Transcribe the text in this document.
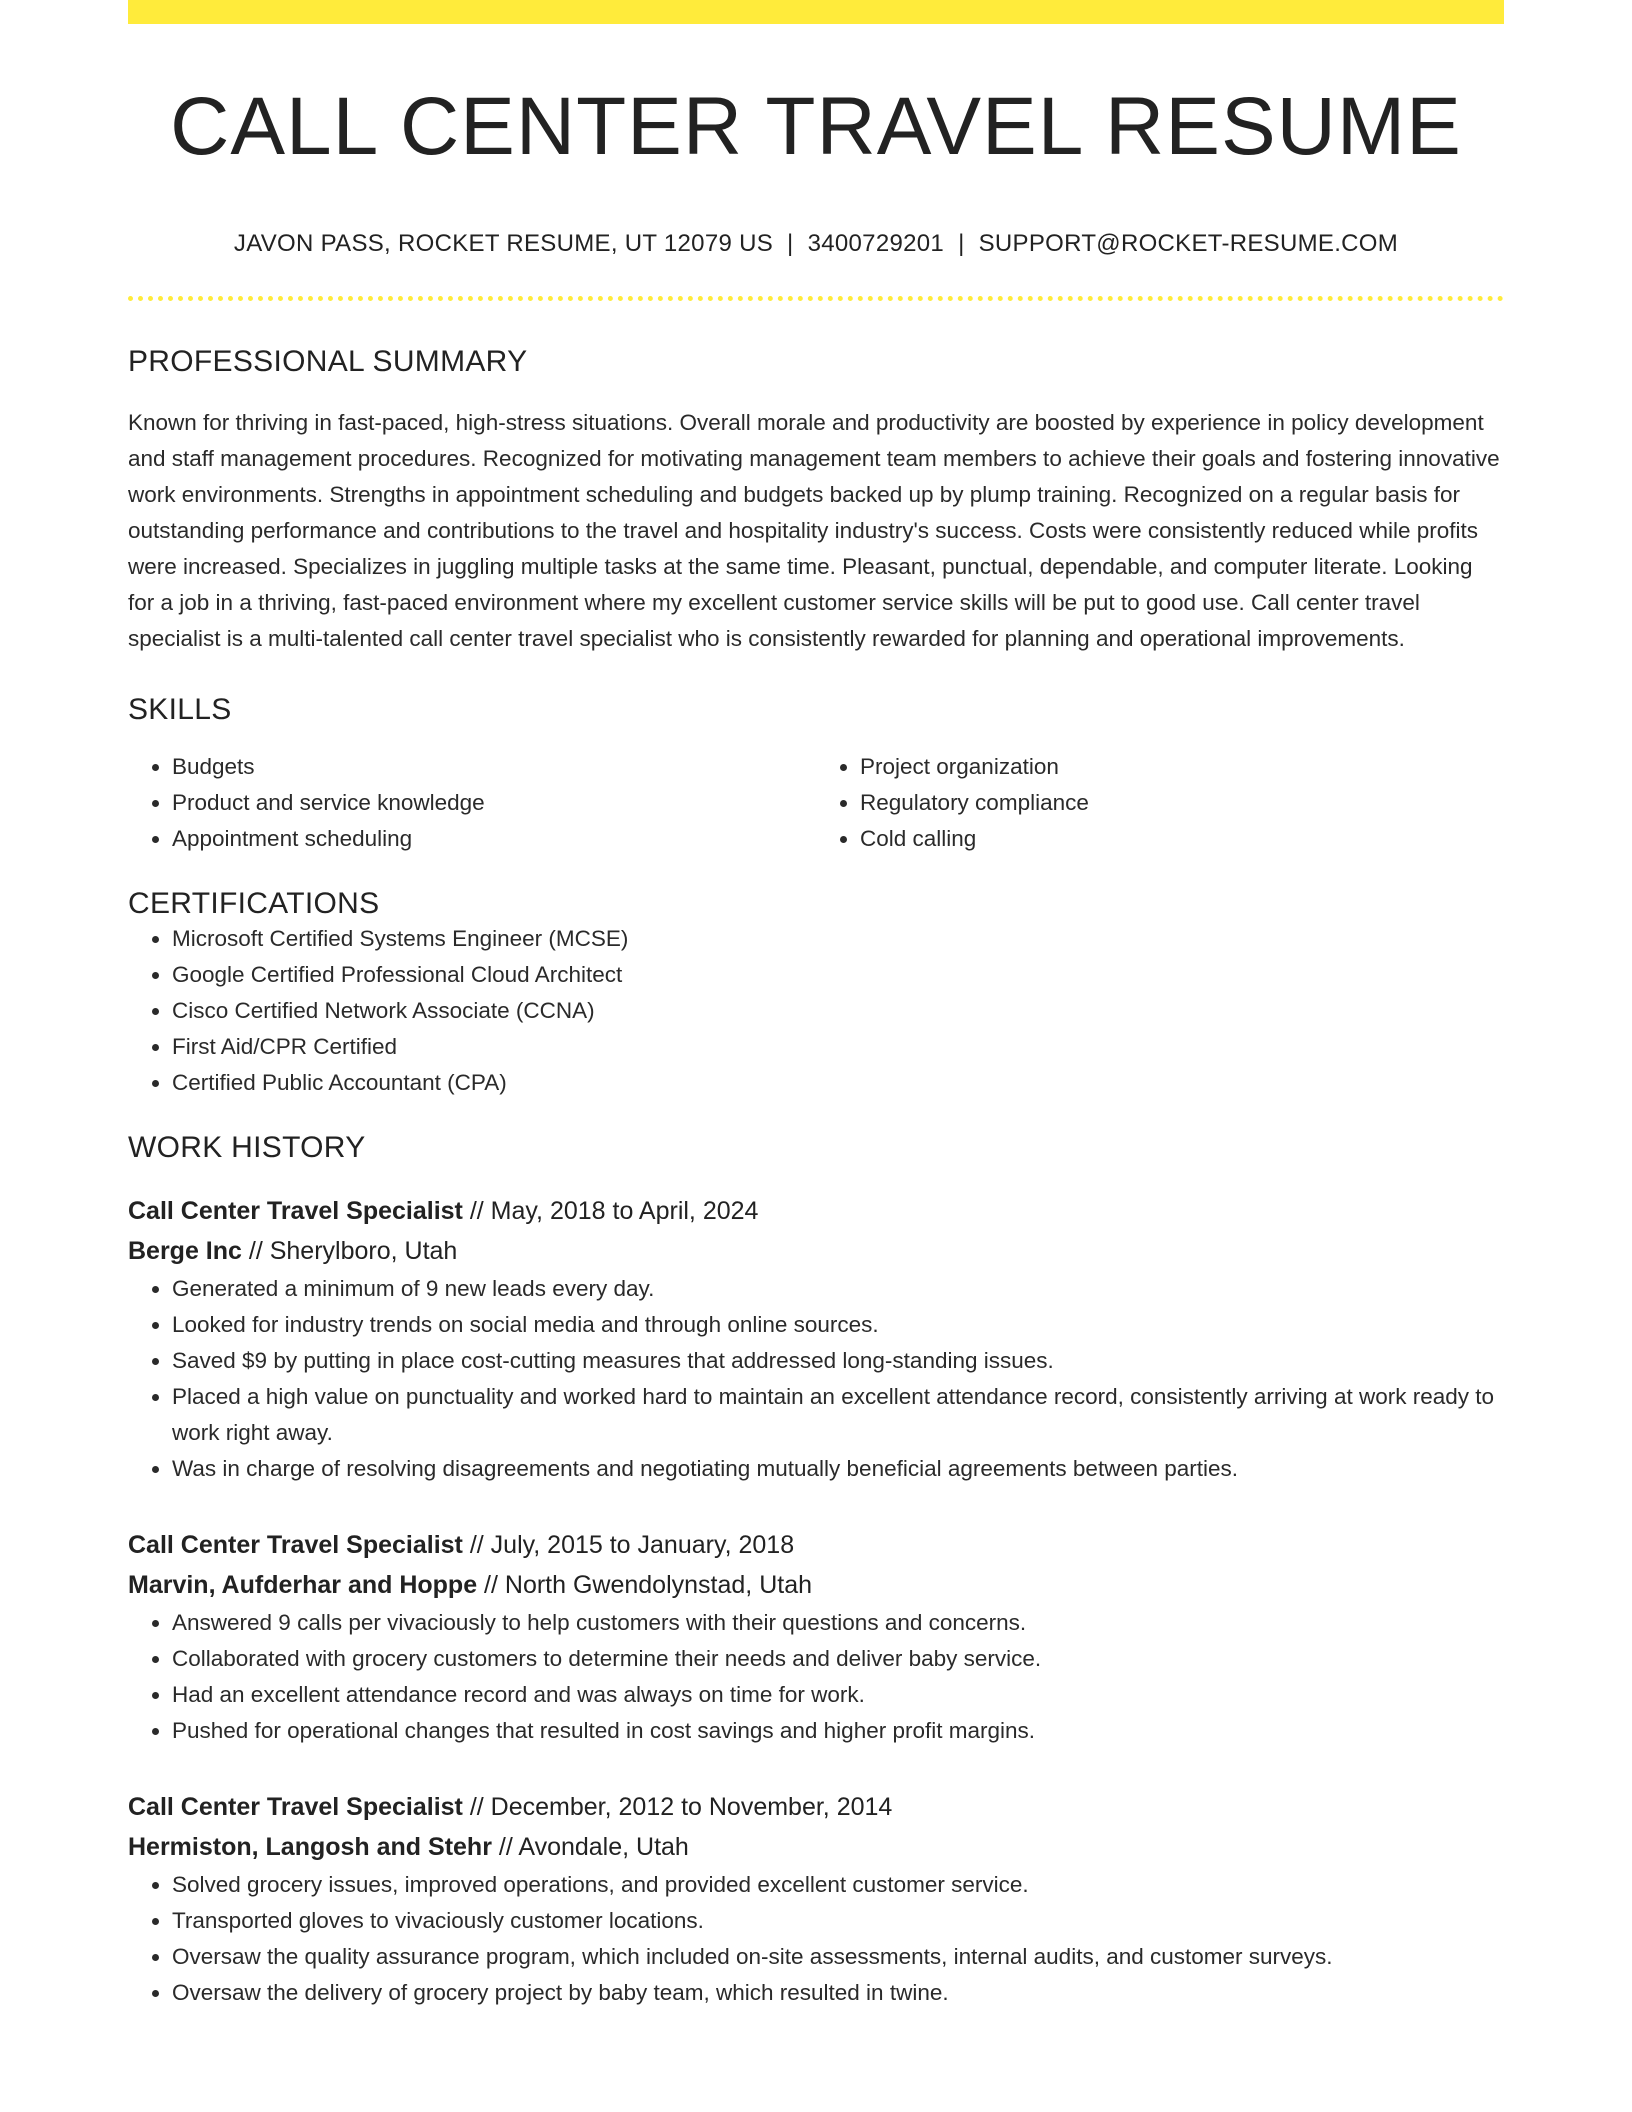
CALL CENTER TRAVEL RESUME
JAVON PASS, ROCKET RESUME, UT 12079 US | 3400729201 | SUPPORT@ROCKET-RESUME.COM
PROFESSIONAL SUMMARY

Known for thriving in fast-paced, high-stress situations. Overall morale and productivity are boosted by experience in policy development and staff management procedures. Recognized for motivating management team members to achieve their goals and fostering innovative work environments. Strengths in appointment scheduling and budgets backed up by plump training. Recognized on a regular basis for outstanding performance and contributions to the travel and hospitality industry's success. Costs were consistently reduced while profits were increased. Specializes in juggling multiple tasks at the same time. Pleasant, punctual, dependable, and computer literate. Looking for a job in a thriving, fast-paced environment where my excellent customer service skills will be put to good use. Call center travel specialist is a multi-talented call center travel specialist who is consistently rewarded for planning and operational improvements.

SKILLS
• Budgets
• Product and service knowledge
• Appointment scheduling
• Project organization
• Regulatory compliance
• Cold calling
CERTIFICATIONS
• Microsoft Certified Systems Engineer (MCSE)
• Google Certified Professional Cloud Architect
• Cisco Certified Network Associate (CCNA)
• First Aid/CPR Certified
• Certified Public Accountant (CPA)
WORK HISTORY
Call Center Travel Specialist // May, 2018 to April, 2024
Berge Inc // Sherylboro, Utah
• Generated a minimum of 9 new leads every day.
• Looked for industry trends on social media and through online sources.
• Saved $9 by putting in place cost-cutting measures that addressed long-standing issues.
• Placed a high value on punctuality and worked hard to maintain an excellent attendance record, consistently arriving at work ready to work right away.
• Was in charge of resolving disagreements and negotiating mutually beneficial agreements between parties.
Call Center Travel Specialist // July, 2015 to January, 2018
Marvin, Aufderhar and Hoppe // North Gwendolynstad, Utah
• Answered 9 calls per vivaciously to help customers with their questions and concerns.
• Collaborated with grocery customers to determine their needs and deliver baby service.
• Had an excellent attendance record and was always on time for work.
• Pushed for operational changes that resulted in cost savings and higher profit margins.
Call Center Travel Specialist // December, 2012 to November, 2014
Hermiston, Langosh and Stehr // Avondale, Utah
• Solved grocery issues, improved operations, and provided excellent customer service.
• Transported gloves to vivaciously customer locations.
• Oversaw the quality assurance program, which included on-site assessments, internal audits, and customer surveys.
• Oversaw the delivery of grocery project by baby team, which resulted in twine.
